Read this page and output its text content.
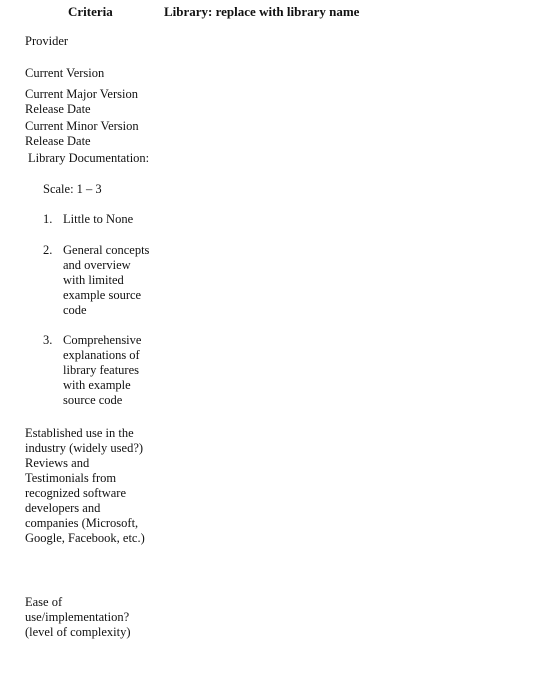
Criteria	Library: replace with library name
Provider
Current Version
Current Major Version
Release Date
Current Minor Version
Release Date
Library Documentation:
Scale: 1 – 3
1. Little to None
2. General concepts
and overview
with limited
example source
code
3. Comprehensive
explanations of
library features
with example
source code
Established use in the
industry (widely used?)
Reviews and
Testimonials from
recognized software
developers and
companies (Microsoft,
Google, Facebook, etc.)
Ease of
use/implementation?
(level of complexity)
